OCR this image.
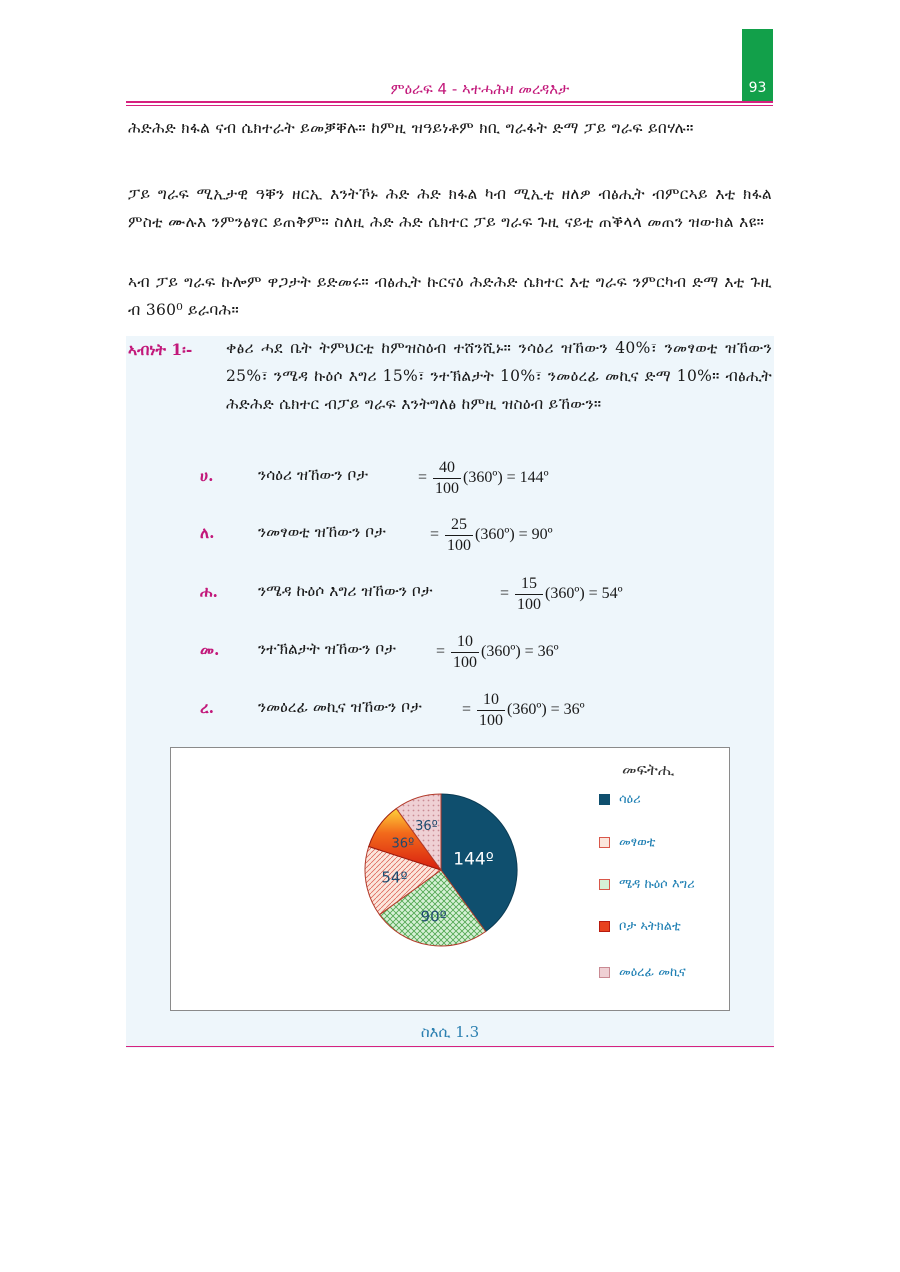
93
ምዕራፍ 4 - ኣተሓሕዛ መረዳእታ
ሕድሕድ ክፋል ናብ ሴክተራት ይመቓቐሉ። ከምዚ ዝዓይነቶም ክቢ ግራፋት ድማ ፓይ ግራፍ ይበሃሉ።
ፓይ ግራፍ ሚኢታዊ ዓቐን ዘርኢ እንትኾኑ ሕድ ሕድ ክፋል ካብ ሚኢቲ ዘለዎ ብፅሒት ብምርኣይ እቲ ክፋል ምስቲ ሙሉእ ንምንፅፃር ይጠቅም። ስለዚ ሕድ ሕድ ሴክተር ፓይ ግራፍ ጉዚ ናይቲ ጠቕላላ መጠን ዝውክል እዩ።
ኣብ ፓይ ግራፍ ኩሎም ዋጋታት ይድመሩ። ብፅሒት ኩርናዕ ሕድሕድ ሴክተር እቲ ግራፍ ንምርካብ ድማ እቲ ጉዚ ብ 360⁰ ይራባሕ።
ኣብነት 1፡- ቀፅሪ ሓደ ቤት ትምህርቲ ከምዝስዕብ ተሸንሺኑ። ንሳዕሪ ዝኸውን 40%፣ ንመፃወቲ ዝኸውን 25%፣ ንሜዳ ኩዕሶ እግሪ 15%፣ ንተኽልታት 10%፣ ንመዕረፊ መኪና ድማ 10%። ብፅሒት ሕድሕድ ሴክተር ብፓይ ግራፍ እንትግለፅ ከምዚ ዝስዕብ ይኸውን።
ሀ.	ንሳዕሪ ዝኸውን ቦታ	= $\frac{40}{100}$ (360º) = 144º
ለ.	ንመፃወቲ ዝኸውን ቦታ	= $\frac{25}{100}$ (360º) = 90º
ሐ.	ንሜዳ ኩዕሶ እግሪ ዝኸውን ቦታ	= $\frac{15}{100}$ (360º) = 54º
መ. ንተኽልታት ዝኸውን ቦታ	= $\frac{10}{100}$ (360º) = 36º
ረ.	ንመዕረፊ መኪና ዝኸውን ቦታ	= $\frac{10}{100}$ (360º) = 36º
144º
90º
54º
36º
36º
መፍትሒ
ሳዕሪ
መፃወቲ
ሜዳ ኩዕሶ እግሪ
ቦታ ኣትክልቲ
መዕረፊ መኪና
ስእሲ 1.3
